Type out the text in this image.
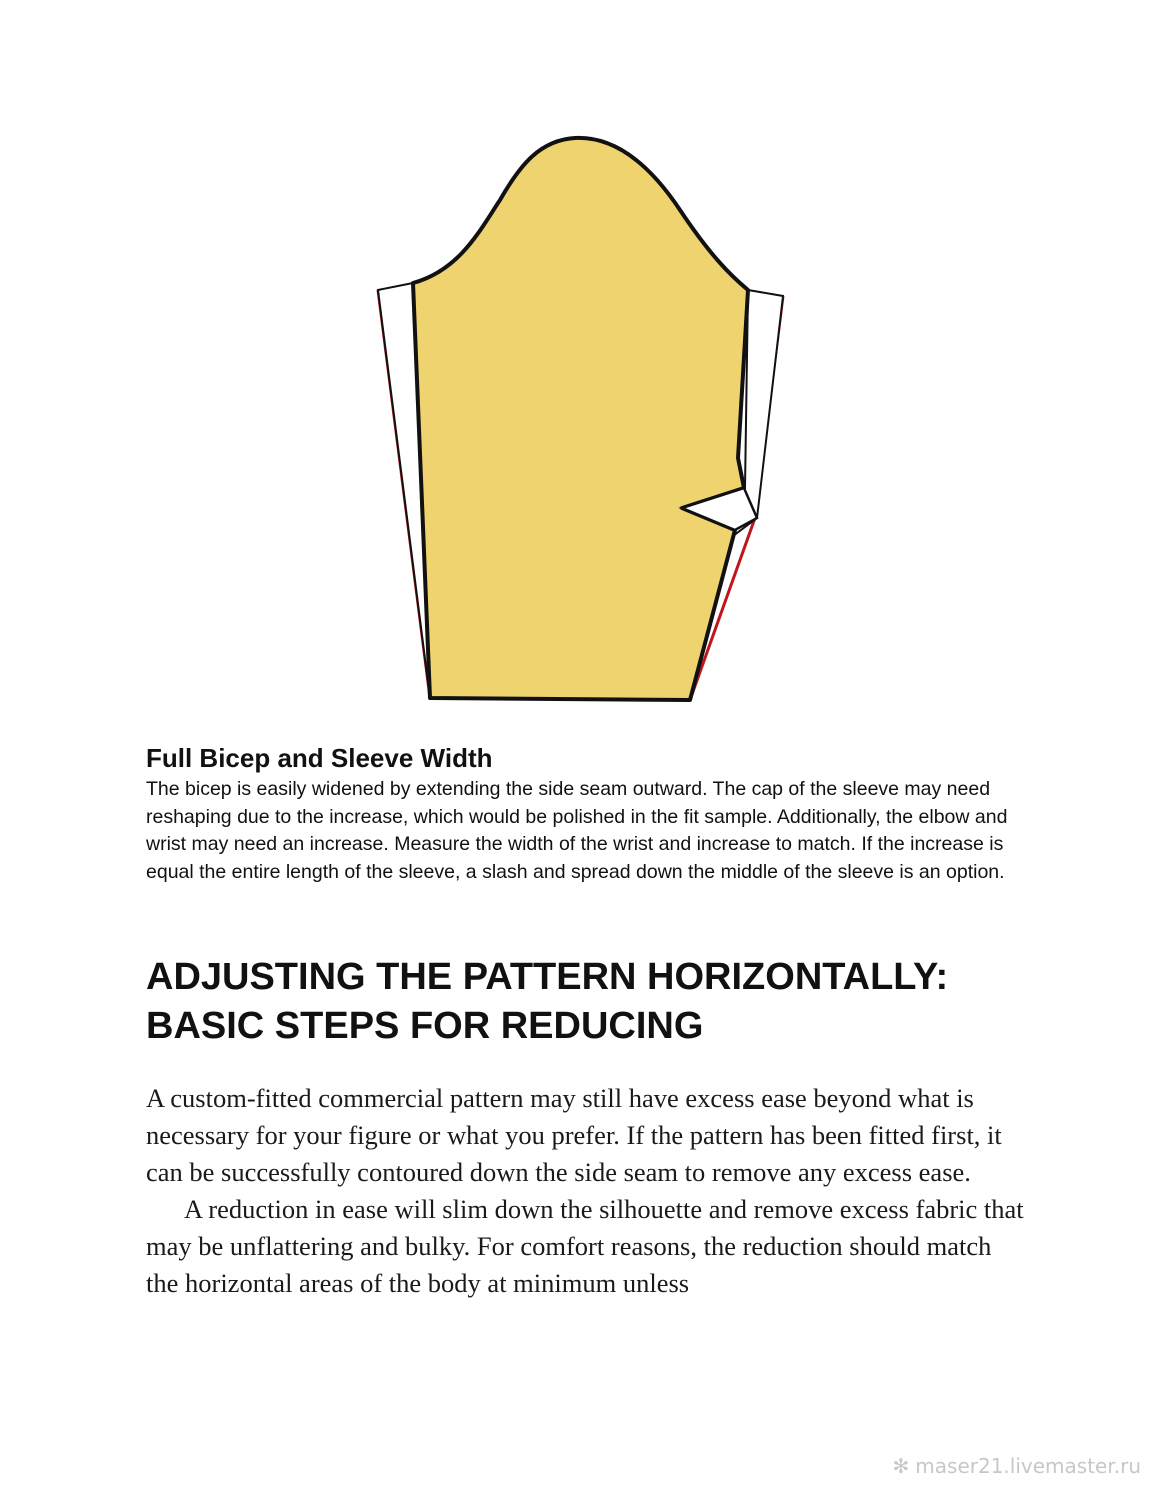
Full Bicep and Sleeve Width

The bicep is easily widened by extending the side seam outward. The cap of the sleeve may need reshaping due to the increase, which would be polished in the fit sample. Additionally, the elbow and wrist may need an increase. Measure the width of the wrist and increase to match. If the increase is equal the entire length of the sleeve, a slash and spread down the middle of the sleeve is an option.

ADJUSTING THE PATTERN HORIZONTALLY: BASIC STEPS FOR REDUCING

A custom-fitted commercial pattern may still have excess ease beyond what is necessary for your figure or what you prefer. If the pattern has been fitted first, it can be successfully contoured down the side seam to remove any excess ease.

A reduction in ease will slim down the silhouette and remove excess fabric that may be unflattering and bulky. For comfort reasons, the reduction should match the horizontal areas of the body at minimum unless

✻ maser21.livemaster.ru
